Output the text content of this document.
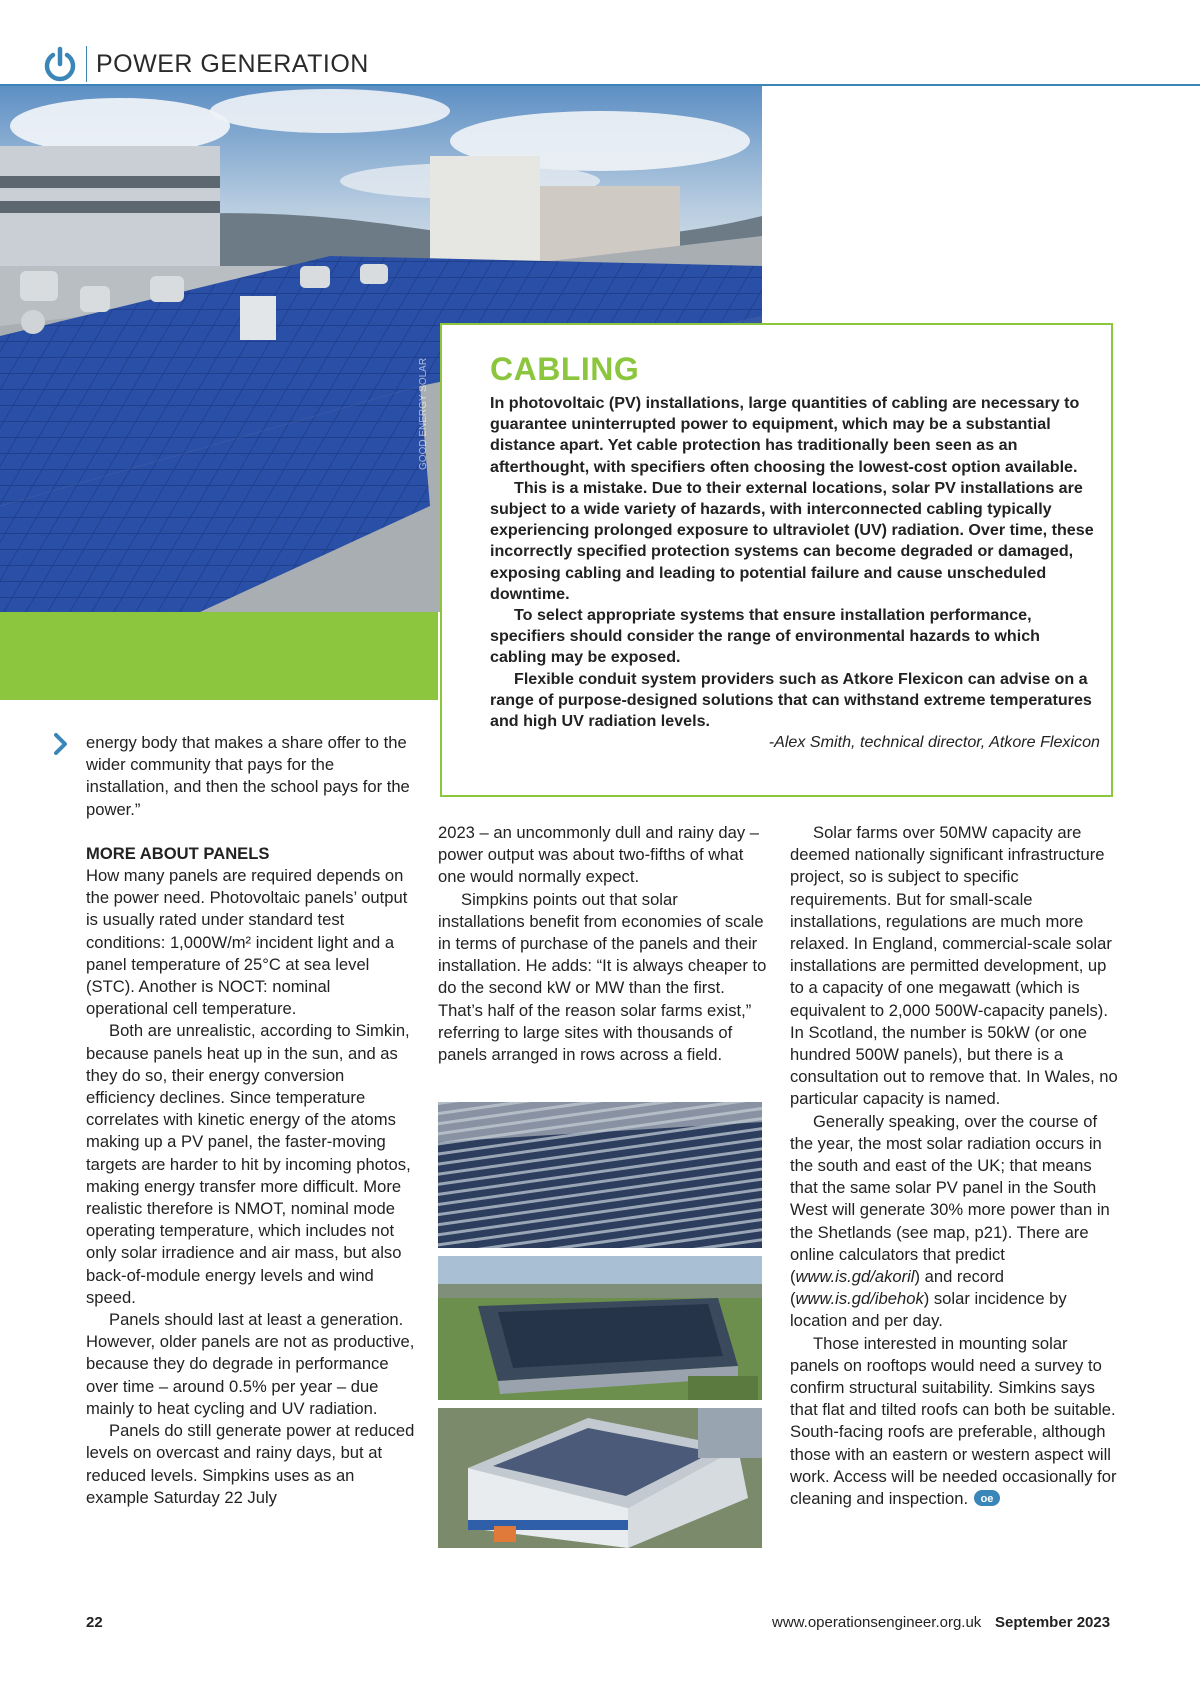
POWER GENERATION
GOOD ENERGY SOLAR CABLING

In photovoltaic (PV) installations, large quantities of cabling are necessary to guarantee uninterrupted power to equipment, which may be a substantial distance apart. Yet cable protection has traditionally been seen as an afterthought, with specifiers often choosing the lowest-cost option available.

This is a mistake. Due to their external locations, solar PV installations are subject to a wide variety of hazards, with interconnected cabling typically experiencing prolonged exposure to ultraviolet (UV) radiation. Over time, these incorrectly specified protection systems can become degraded or damaged, exposing cabling and leading to potential failure and cause unscheduled downtime.

To select appropriate systems that ensure installation performance, specifiers should consider the range of environmental hazards to which cabling may be exposed.

Flexible conduit system providers such as Atkore Flexicon can advise on a range of purpose-designed solutions that can withstand extreme temperatures and high UV radiation levels.

-Alex Smith, technical director, Atkore Flexicon

energy body that makes a share offer to the wider community that pays for the installation, and then the school pays for the power.”

MORE ABOUT PANELS

How many panels are required depends on the power need. Photovoltaic panels’ output is usually rated under standard test conditions: 1,000W/m² incident light and a panel temperature of 25°C at sea level (STC). Another is NOCT: nominal operational cell temperature.

Both are unrealistic, according to Simkin, because panels heat up in the sun, and as they do so, their energy conversion efficiency declines. Since temperature correlates with kinetic energy of the atoms making up a PV panel, the faster-moving targets are harder to hit by incoming photos, making energy transfer more difficult. More realistic therefore is NMOT, nominal mode operating temperature, which includes not only solar irradience and air mass, but also back-of-module energy levels and wind speed.

Panels should last at least a generation. However, older panels are not as productive, because they do degrade in performance over time – around 0.5% per year – due mainly to heat cycling and UV radiation.

Panels do still generate power at reduced levels on overcast and rainy days, but at reduced levels. Simpkins uses as an example Saturday 22 July

2023 – an uncommonly dull and rainy day – power output was about two-fifths of what one would normally expect.

Simpkins points out that solar installations benefit from economies of scale in terms of purchase of the panels and their installation. He adds: “It is always cheaper to do the second kW or MW than the first. That’s half of the reason solar farms exist,” referring to large sites with thousands of panels arranged in rows across a field.

Solar farms over 50MW capacity are deemed nationally significant infrastructure project, so is subject to specific requirements. But for small-scale installations, regulations are much more relaxed. In England, commercial-scale solar installations are permitted development, up to a capacity of one megawatt (which is equivalent to 2,000 500W-capacity panels). In Scotland, the number is 50kW (or one hundred 500W panels), but there is a consultation out to remove that. In Wales, no particular capacity is named.

Generally speaking, over the course of the year, the most solar radiation occurs in the south and east of the UK; that means that the same solar PV panel in the South West will generate 30% more power than in the Shetlands (see map, p21). There are online calculators that predict (www.is.gd/akoril) and record (www.is.gd/ibehok) solar incidence by location and per day.

Those interested in mounting solar panels on rooftops would need a survey to confirm structural suitability. Simkins says that flat and tilted roofs can both be suitable. South-facing roofs are preferable, although those with an eastern or western aspect will work. Access will be needed occasionally for cleaning and inspection. oe

22	www.operationsengineer.org.uk September 2023
